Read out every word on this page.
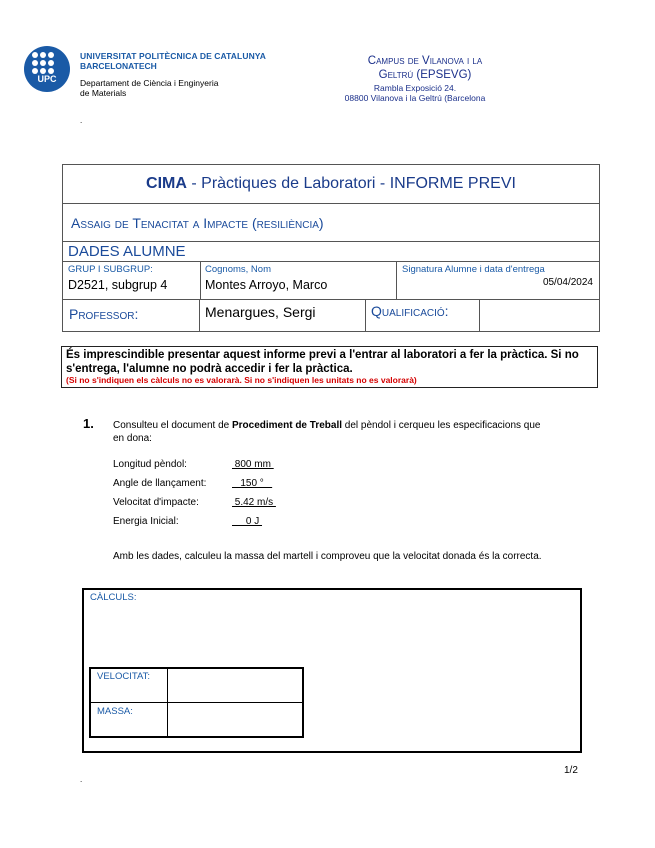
UPC
UNIVERSITAT POLITÈCNICA DE CATALUNYA
BARCELONATECH
Departament de Ciència i Enginyeria
de Materials
Campus de Vilanova i la
Geltrú (EPSEVG)
Rambla Exposició 24.
08800 Vilanova i la Geltrú (Barcelona
.
CIMA - Pràctiques de Laboratori - INFORME PREVI
Assaig de Tenacitat a Impacte (resiliència)
DADES ALUMNE
GRUP I SUBGRUP:
D2521, subgrup 4
Cognoms, Nom
Montes Arroyo, Marco
Signatura Alumne i data d'entrega
05/04/2024
Professor:	Menargues, Sergi	Qualificació:
És imprescindible presentar aquest informe previ a l'entrar al laboratori a fer la pràctica. Si no s'entrega, l'alumne no podrà accedir i fer la pràctica.
(Si no s'indiquen els càlculs no es valorarà. Si no s'indiquen les unitats no es valorarà)
1. Consulteu el document de Procediment de Treball del pèndol i cerqueu les especificacions que en dona:
Longitud pèndol:	800 mm
Angle de llançament:	150 °
Velocitat d'impacte:	5.42 m/s
Energia Inicial:	0 J
Amb les dades, calculeu la massa del martell i comproveu que la velocitat donada és la correcta.
CÀLCULS:
VELOCITAT:
MASSA:
1/2
.
